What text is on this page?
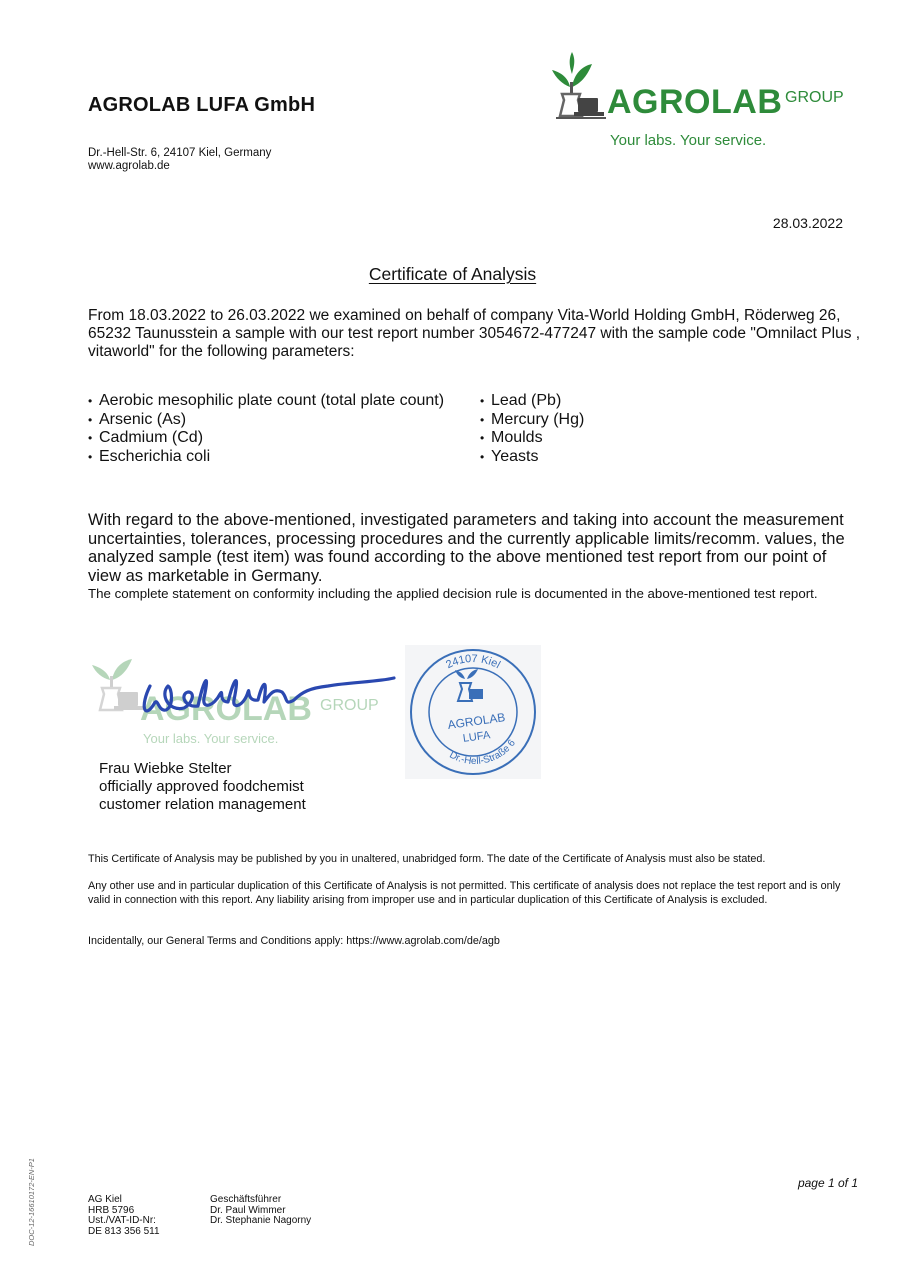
AGROLAB LUFA GmbH
Dr.-Hell-Str. 6, 24107 Kiel, Germany
www.agrolab.de
AGROLAB GROUP
Your labs. Your service.
28.03.2022
Certificate of Analysis
From 18.03.2022 to 26.03.2022 we examined on behalf of company Vita-World Holding GmbH, Röderweg 26, 65232 Taunusstein a sample with our test report number 3054672-477247 with the sample code "Omnilact Plus , vitaworld" for the following parameters:
• Aerobic mesophilic plate count (total plate count)
• Arsenic (As)
• Cadmium (Cd)
• Escherichia coli
• Lead (Pb)
• Mercury (Hg)
• Moulds
• Yeasts
With regard to the above-mentioned, investigated parameters and taking into account the measurement uncertainties, tolerances, processing procedures and the currently applicable limits/recomm. values, the analyzed sample (test item) was found according to the above mentioned test report from our point of view as marketable in Germany.
The complete statement on conformity including the applied decision rule is documented in the above-mentioned test report.
AGROLAB GROUP
Your labs. Your service.
24107 Kiel
Dr.-Hell-Straße 6
AGROLAB
LUFA
Frau Wiebke Stelter
officially approved foodchemist
customer relation management
This Certificate of Analysis may be published by you in unaltered, unabridged form. The date of the Certificate of Analysis must also be stated.
Any other use and in particular duplication of this Certificate of Analysis is not permitted. This certificate of analysis does not replace the test report and is only valid in connection with this report. Any liability arising from improper use and in particular duplication of this Certificate of Analysis is excluded.
Incidentally, our General Terms and Conditions apply: https://www.agrolab.com/de/agb
DOC-12-16610172-EN-P1	page 1 of 1
AG Kiel
HRB 5796
Ust./VAT-ID-Nr:
DE 813 356 511
Geschäftsführer
Dr. Paul Wimmer
Dr. Stephanie Nagorny
